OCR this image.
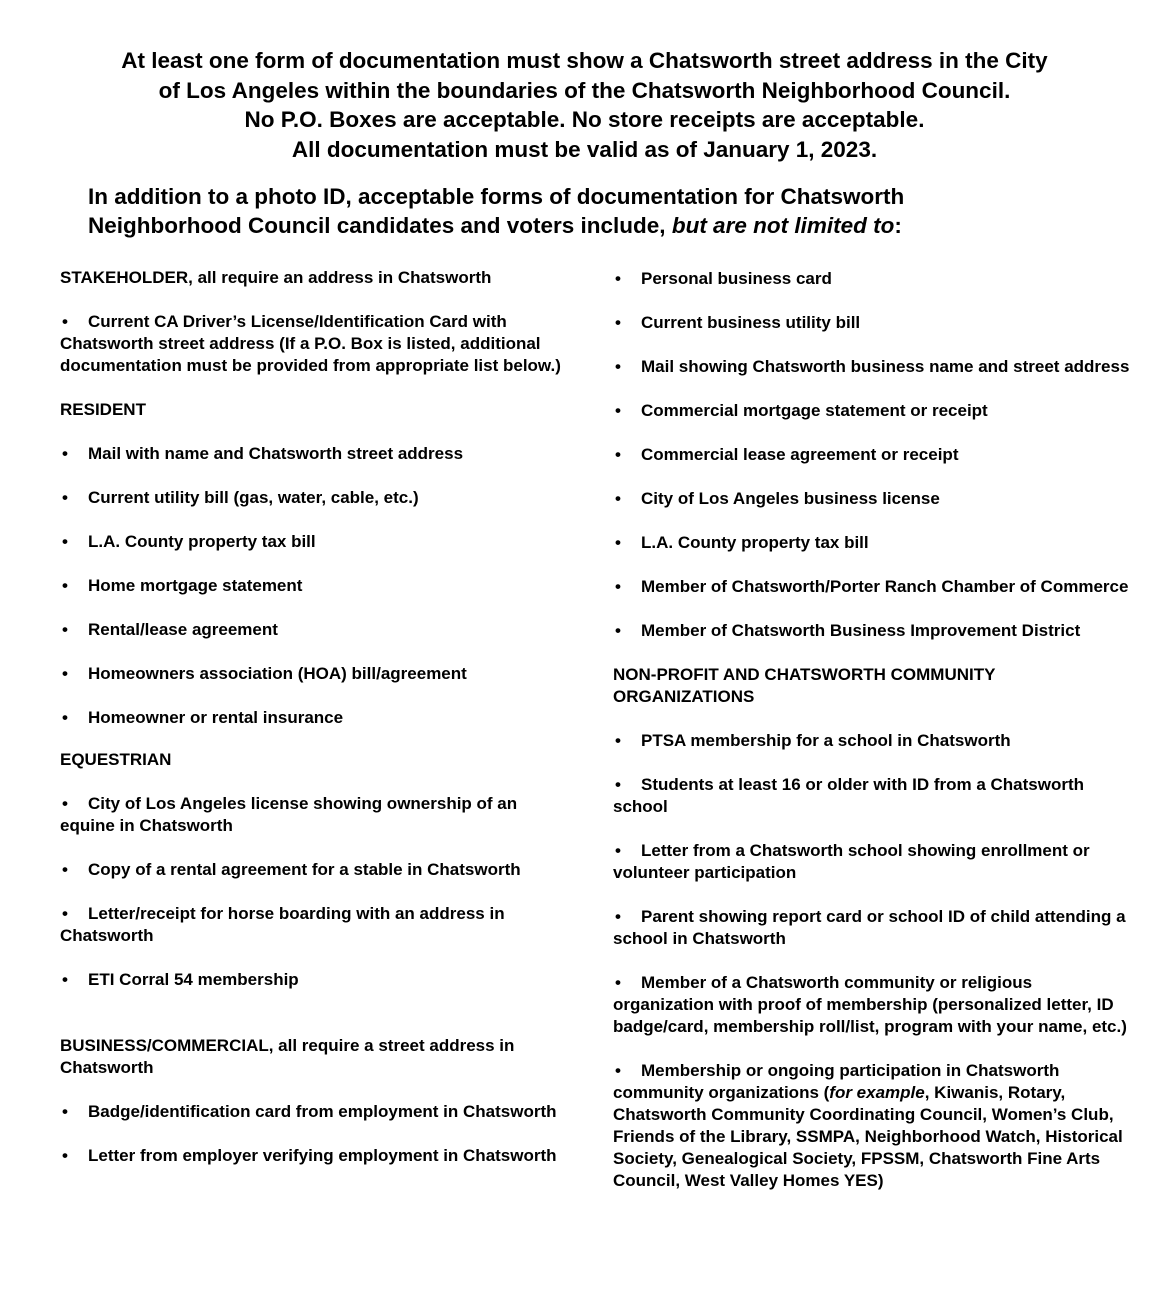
At least one form of documentation must show a Chatsworth street address in the City
of Los Angeles within the boundaries of the Chatsworth Neighborhood Council.
No P.O. Boxes are acceptable. No store receipts are acceptable.
All documentation must be valid as of January 1, 2023.
In addition to a photo ID, acceptable forms of documentation for Chatsworth
Neighborhood Council candidates and voters include, but are not limited to:

STAKEHOLDER, all require an address in Chatsworth

• Current CA Driver’s License/Identification Card with Chatsworth street address (If a P.O. Box is listed, additional documentation must be provided from appropriate list below.)

RESIDENT

• Mail with name and Chatsworth street address

• Current utility bill (gas, water, cable, etc.)

• L.A. County property tax bill

• Home mortgage statement

• Rental/lease agreement

• Homeowners association (HOA) bill/agreement

• Homeowner or rental insurance

EQUESTRIAN

• City of Los Angeles license showing ownership of an equine in Chatsworth

• Copy of a rental agreement for a stable in Chatsworth

• Letter/receipt for horse boarding with an address in Chatsworth

• ETI Corral 54 membership

BUSINESS/COMMERCIAL, all require a street address in Chatsworth

• Badge/identification card from employment in Chatsworth

• Letter from employer verifying employment in Chatsworth

• Personal business card

• Current business utility bill

• Mail showing Chatsworth business name and street address

• Commercial mortgage statement or receipt

• Commercial lease agreement or receipt

• City of Los Angeles business license

• L.A. County property tax bill

• Member of Chatsworth/Porter Ranch Chamber of Commerce

• Member of Chatsworth Business Improvement District

NON-PROFIT AND CHATSWORTH COMMUNITY ORGANIZATIONS

• PTSA membership for a school in Chatsworth

• Students at least 16 or older with ID from a Chatsworth school

• Letter from a Chatsworth school showing enrollment or volunteer participation

• Parent showing report card or school ID of child attending a school in Chatsworth

• Member of a Chatsworth community or religious organization with proof of membership (personalized letter, ID badge/card, membership roll/list, program with your name, etc.)

• Membership or ongoing participation in Chatsworth community organizations (for example, Kiwanis, Rotary, Chatsworth Community Coordinating Council, Women’s Club, Friends of the Library, SSMPA, Neighborhood Watch, Historical Society, Genealogical Society, FPSSM, Chatsworth Fine Arts Council, West Valley Homes YES)
